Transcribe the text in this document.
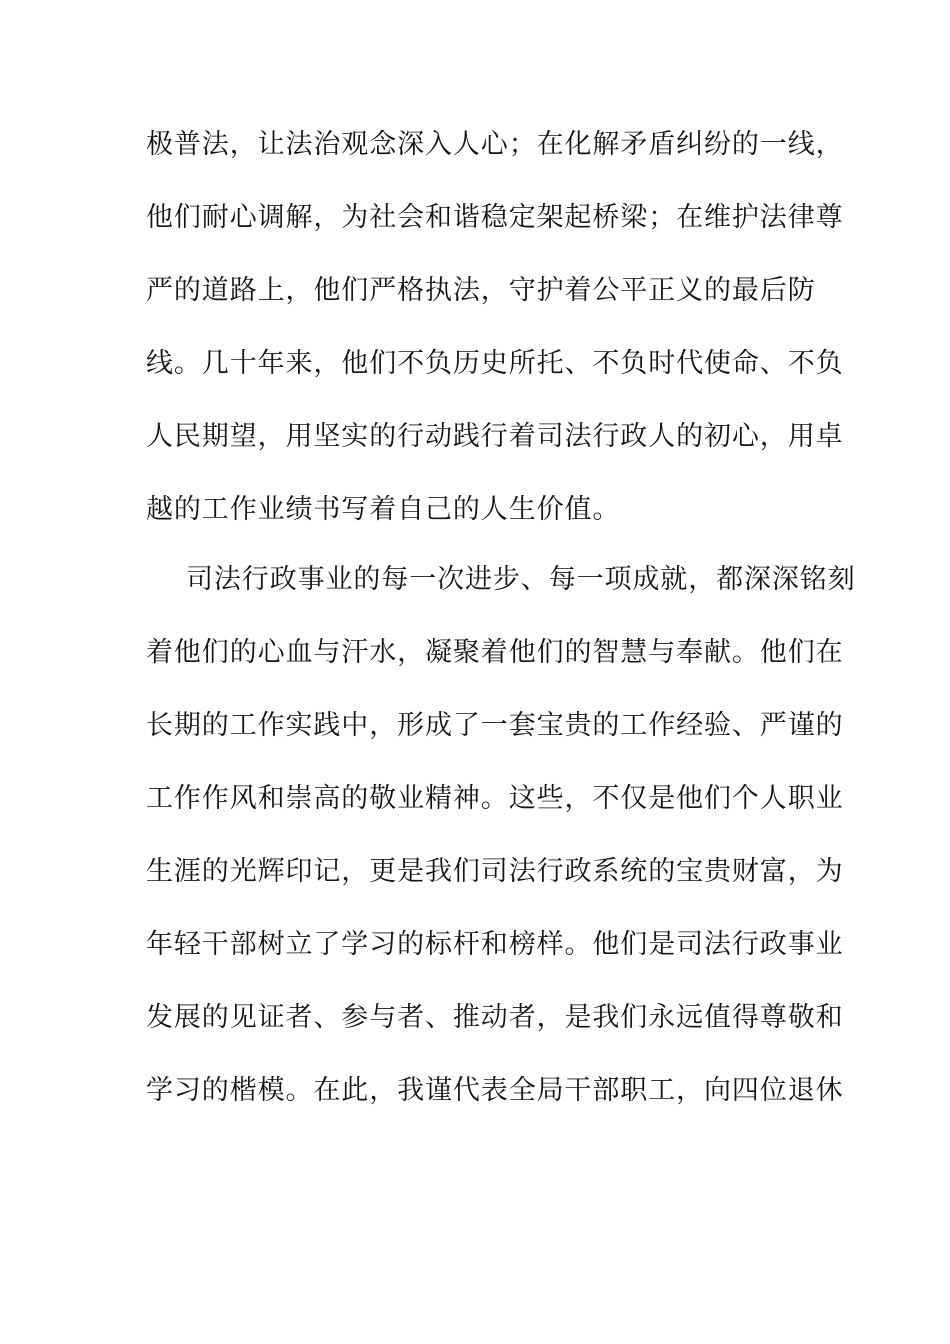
极普法，让法治观念深入人心；在化解矛盾纠纷的一线，
他们耐心调解，为社会和谐稳定架起桥梁；在维护法律尊
严的道路上，他们严格执法，守护着公平正义的最后防
线。几十年来，他们不负历史所托、不负时代使命、不负
人民期望，用坚实的行动践行着司法行政人的初心，用卓
越的工作业绩书写着自己的人生价值。
司法行政事业的每一次进步、每一项成就，都深深铭刻
着他们的心血与汗水，凝聚着他们的智慧与奉献。他们在
长期的工作实践中，形成了一套宝贵的工作经验、严谨的
工作作风和崇高的敬业精神。这些，不仅是他们个人职业
生涯的光辉印记，更是我们司法行政系统的宝贵财富，为
年轻干部树立了学习的标杆和榜样。他们是司法行政事业
发展的见证者、参与者、推动者，是我们永远值得尊敬和
学习的楷模。在此，我谨代表全局干部职工，向四位退休
